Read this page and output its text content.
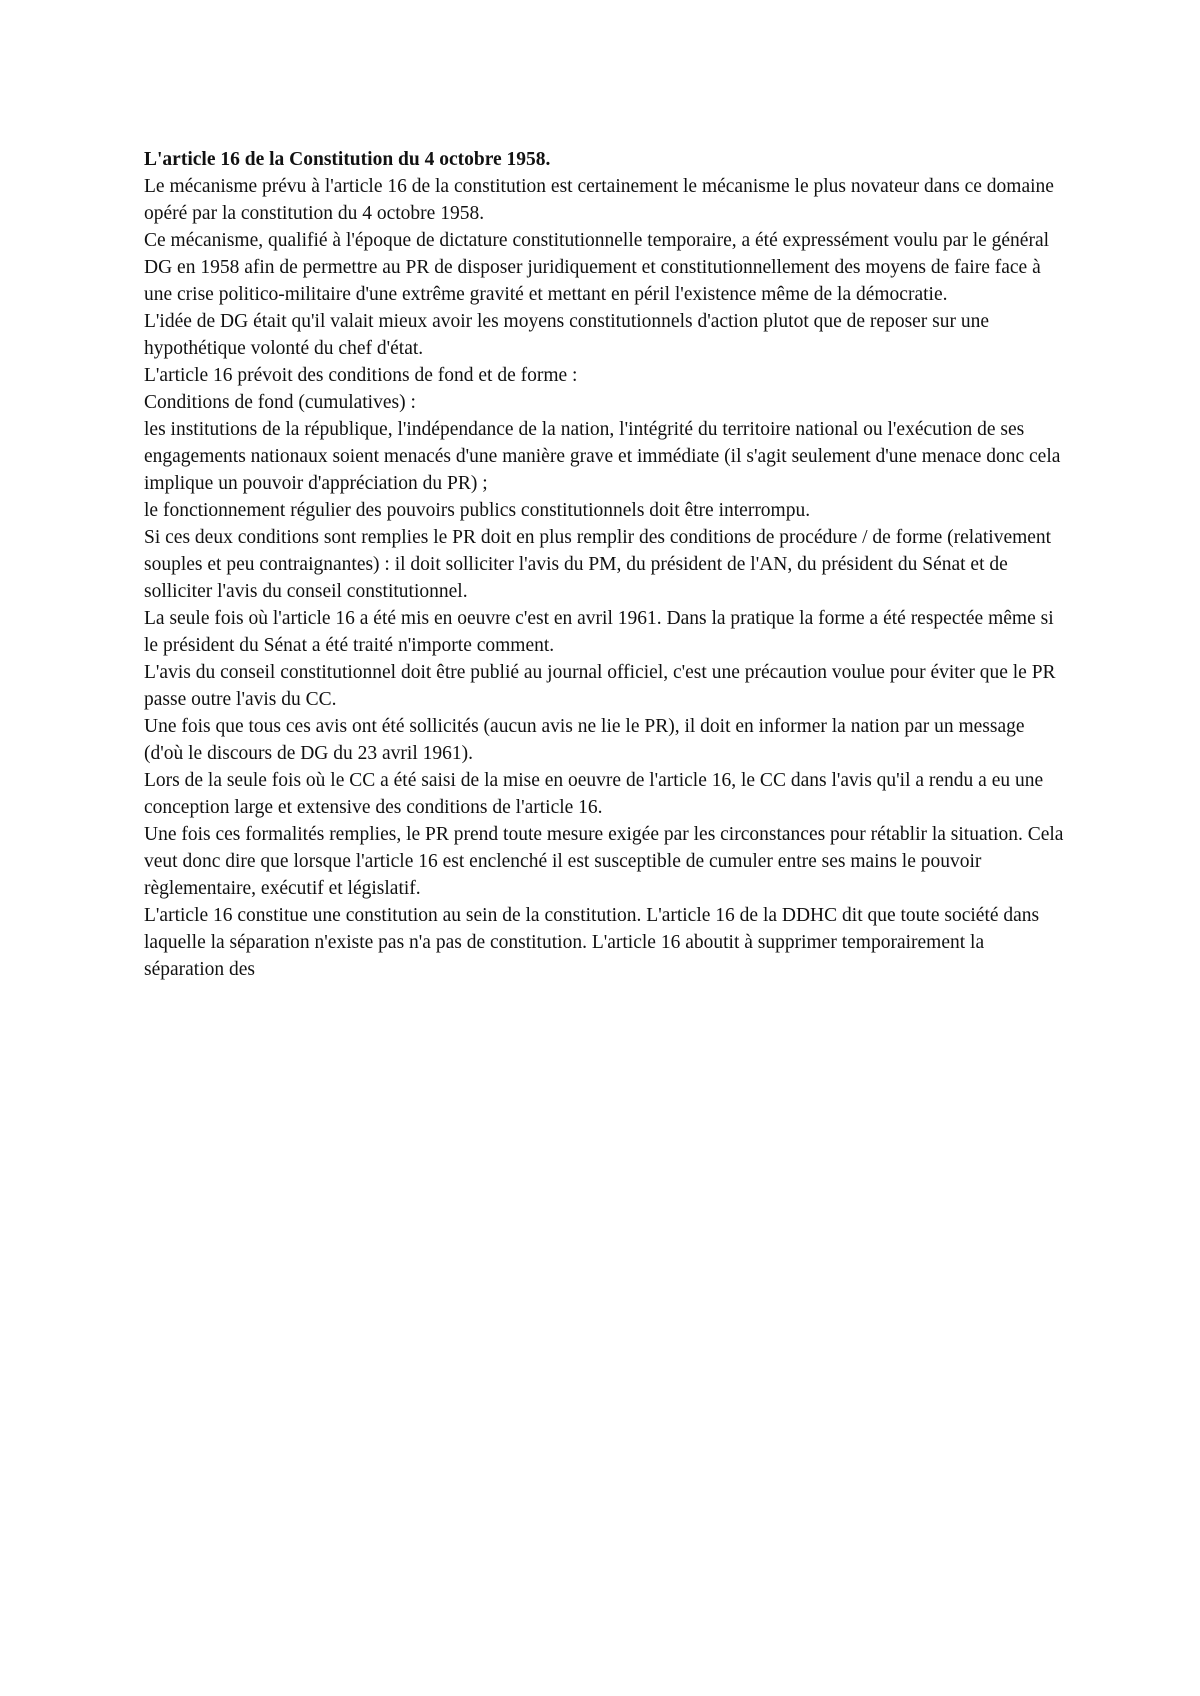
L'article 16 de la Constitution du 4 octobre 1958.

Le mécanisme prévu à l'article 16 de la constitution est certainement le mécanisme le plus novateur dans ce domaine opéré par la constitution du 4 octobre 1958.

Ce mécanisme, qualifié à l'époque de dictature constitutionnelle temporaire, a été expressément voulu par le général DG en 1958 afin de permettre au PR de disposer juridiquement et constitutionnellement des moyens de faire face à une crise politico-militaire d'une extrême gravité et mettant en péril l'existence même de la démocratie.

L'idée de DG était qu'il valait mieux avoir les moyens constitutionnels d'action plutot que de reposer sur une hypothétique volonté du chef d'état.

L'article 16 prévoit des conditions de fond et de forme :

Conditions de fond (cumulatives) :

les institutions de la république, l'indépendance de la nation, l'intégrité du territoire national ou l'exécution de ses engagements nationaux soient menacés d'une manière grave et immédiate (il s'agit seulement d'une menace donc cela implique un pouvoir d'appréciation du PR) ;

le fonctionnement régulier des pouvoirs publics constitutionnels doit être interrompu.

Si ces deux conditions sont remplies le PR doit en plus remplir des conditions de procédure / de forme (relativement souples et peu contraignantes) : il doit solliciter l'avis du PM, du président de l'AN, du président du Sénat et de solliciter l'avis du conseil constitutionnel.

La seule fois où l'article 16 a été mis en oeuvre c'est en avril 1961. Dans la pratique la forme a été respectée même si le président du Sénat a été traité n'importe comment.

L'avis du conseil constitutionnel doit être publié au journal officiel, c'est une précaution voulue pour éviter que le PR passe outre l'avis du CC.

Une fois que tous ces avis ont été sollicités (aucun avis ne lie le PR), il doit en informer la nation par un message (d'où le discours de DG du 23 avril 1961).

Lors de la seule fois où le CC a été saisi de la mise en oeuvre de l'article 16, le CC dans l'avis qu'il a rendu a eu une conception large et extensive des conditions de l'article 16.

Une fois ces formalités remplies, le PR prend toute mesure exigée par les circonstances pour rétablir la situation. Cela veut donc dire que lorsque l'article 16 est enclenché il est susceptible de cumuler entre ses mains le pouvoir règlementaire, exécutif et législatif.

L'article 16 constitue une constitution au sein de la constitution. L'article 16 de la DDHC dit que toute société dans laquelle la séparation n'existe pas n'a pas de constitution. L'article 16 aboutit à supprimer temporairement la séparation des
